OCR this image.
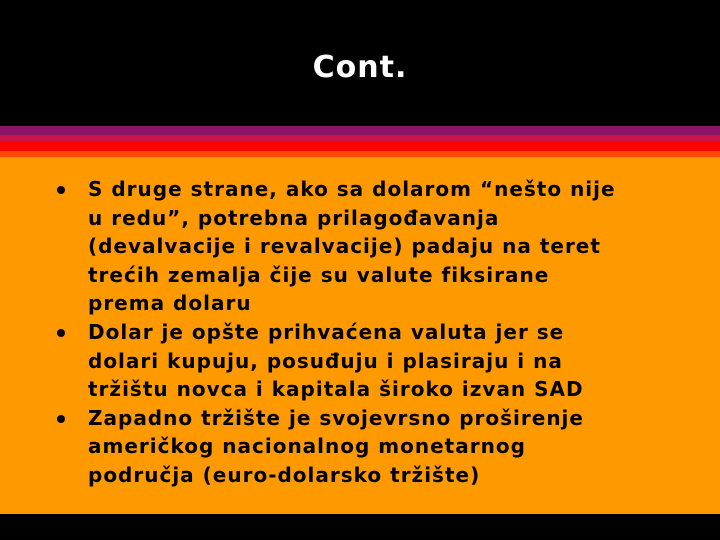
Cont.
S druge strane, ako sa dolarom “nešto nije
u redu”, potrebna prilagođavanja
(devalvacije i revalvacije) padaju na teret
trećih zemalja čije su valute fiksirane
prema dolaru
Dolar je opšte prihvaćena valuta jer se
dolari kupuju, posuđuju i plasiraju i na
tržištu novca i kapitala široko izvan SAD
Zapadno tržište je svojevrsno proširenje
američkog nacionalnog monetarnog
područja (euro-dolarsko tržište)
